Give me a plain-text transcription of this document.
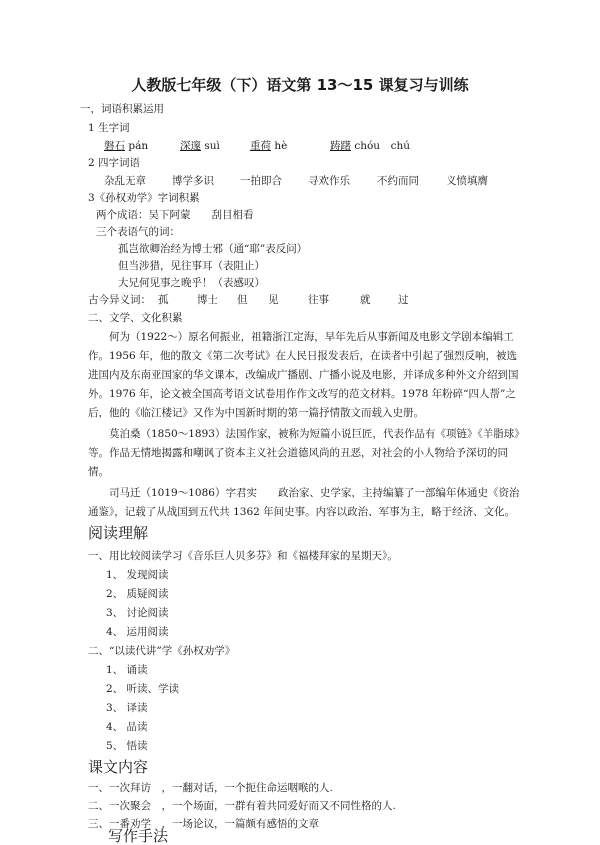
人教版七年级（下）语文第 13～15 课复习与训练
一，词语积累运用
1 生字词
磐石 pán	深邃 suì	重荷 hè	踌躇 chóu　chú
2 四字词语
杂乱无章 博学多识 一拍即合 寻欢作乐	不约而同	义愤填膺
3《孙权劝学》字词积累
两个成语：吴下阿蒙　　刮目相看
三个表语气的词：
孤岂欲卿治经为博士邪（通“耶”表反问）
但当涉猎，见往事耳（表阻止）
大兄何见事之晚乎！（表感叹）
古今异义词： 孤	博士 但 见	往事	就	过
二、文学、文化积累
何为（1922～）原名何振业，祖籍浙江定海，早年先后从事新闻及电影文学剧本编辑工作。1956 年，他的散文《第二次考试》在人民日报发表后，在读者中引起了强烈反响，被选进国内及东南亚国家的华文课本，改编成广播剧、广播小说及电影，并译成多种外文介绍到国外。1976 年，论文被全国高考语文试卷用作作文改写的范文材料。1978 年粉碎“四人帮”之后，他的《临江楼记》又作为中国新时期的第一篇抒情散文而载入史册。
莫泊桑（1850～1893）法国作家，被称为短篇小说巨匠，代表作品有《项链》《羊脂球》等。作品无情地揭露和嘲讽了资本主义社会道德风尚的丑恶，对社会的小人物给予深切的同情。
司马迁（1019～1086）字君实　　政治家、史学家，主持编纂了一部编年体通史《资治通鉴》，记载了从战国到五代共 1362 年间史事。内容以政治、军事为主，略于经济、文化。
阅读理解
一、用比较阅读学习《音乐巨人贝多芬》和《福楼拜家的星期天》。
1、 发现阅读
2、 质疑阅读
3、 讨论阅读
4、 运用阅读
二、“以读代讲”学《孙权劝学》
1、 诵读
2、 听读、学读
3、 译读
4、 品读
5、 悟读
课文内容
一、一次拜访　，一翻对话，一个扼住命运咽喉的人.
二、一次聚会　，一个场面，一群有着共同爱好而又不同性格的人.
三、一番劝学　，一场论议，一篇颇有感悟的文章
写作手法
